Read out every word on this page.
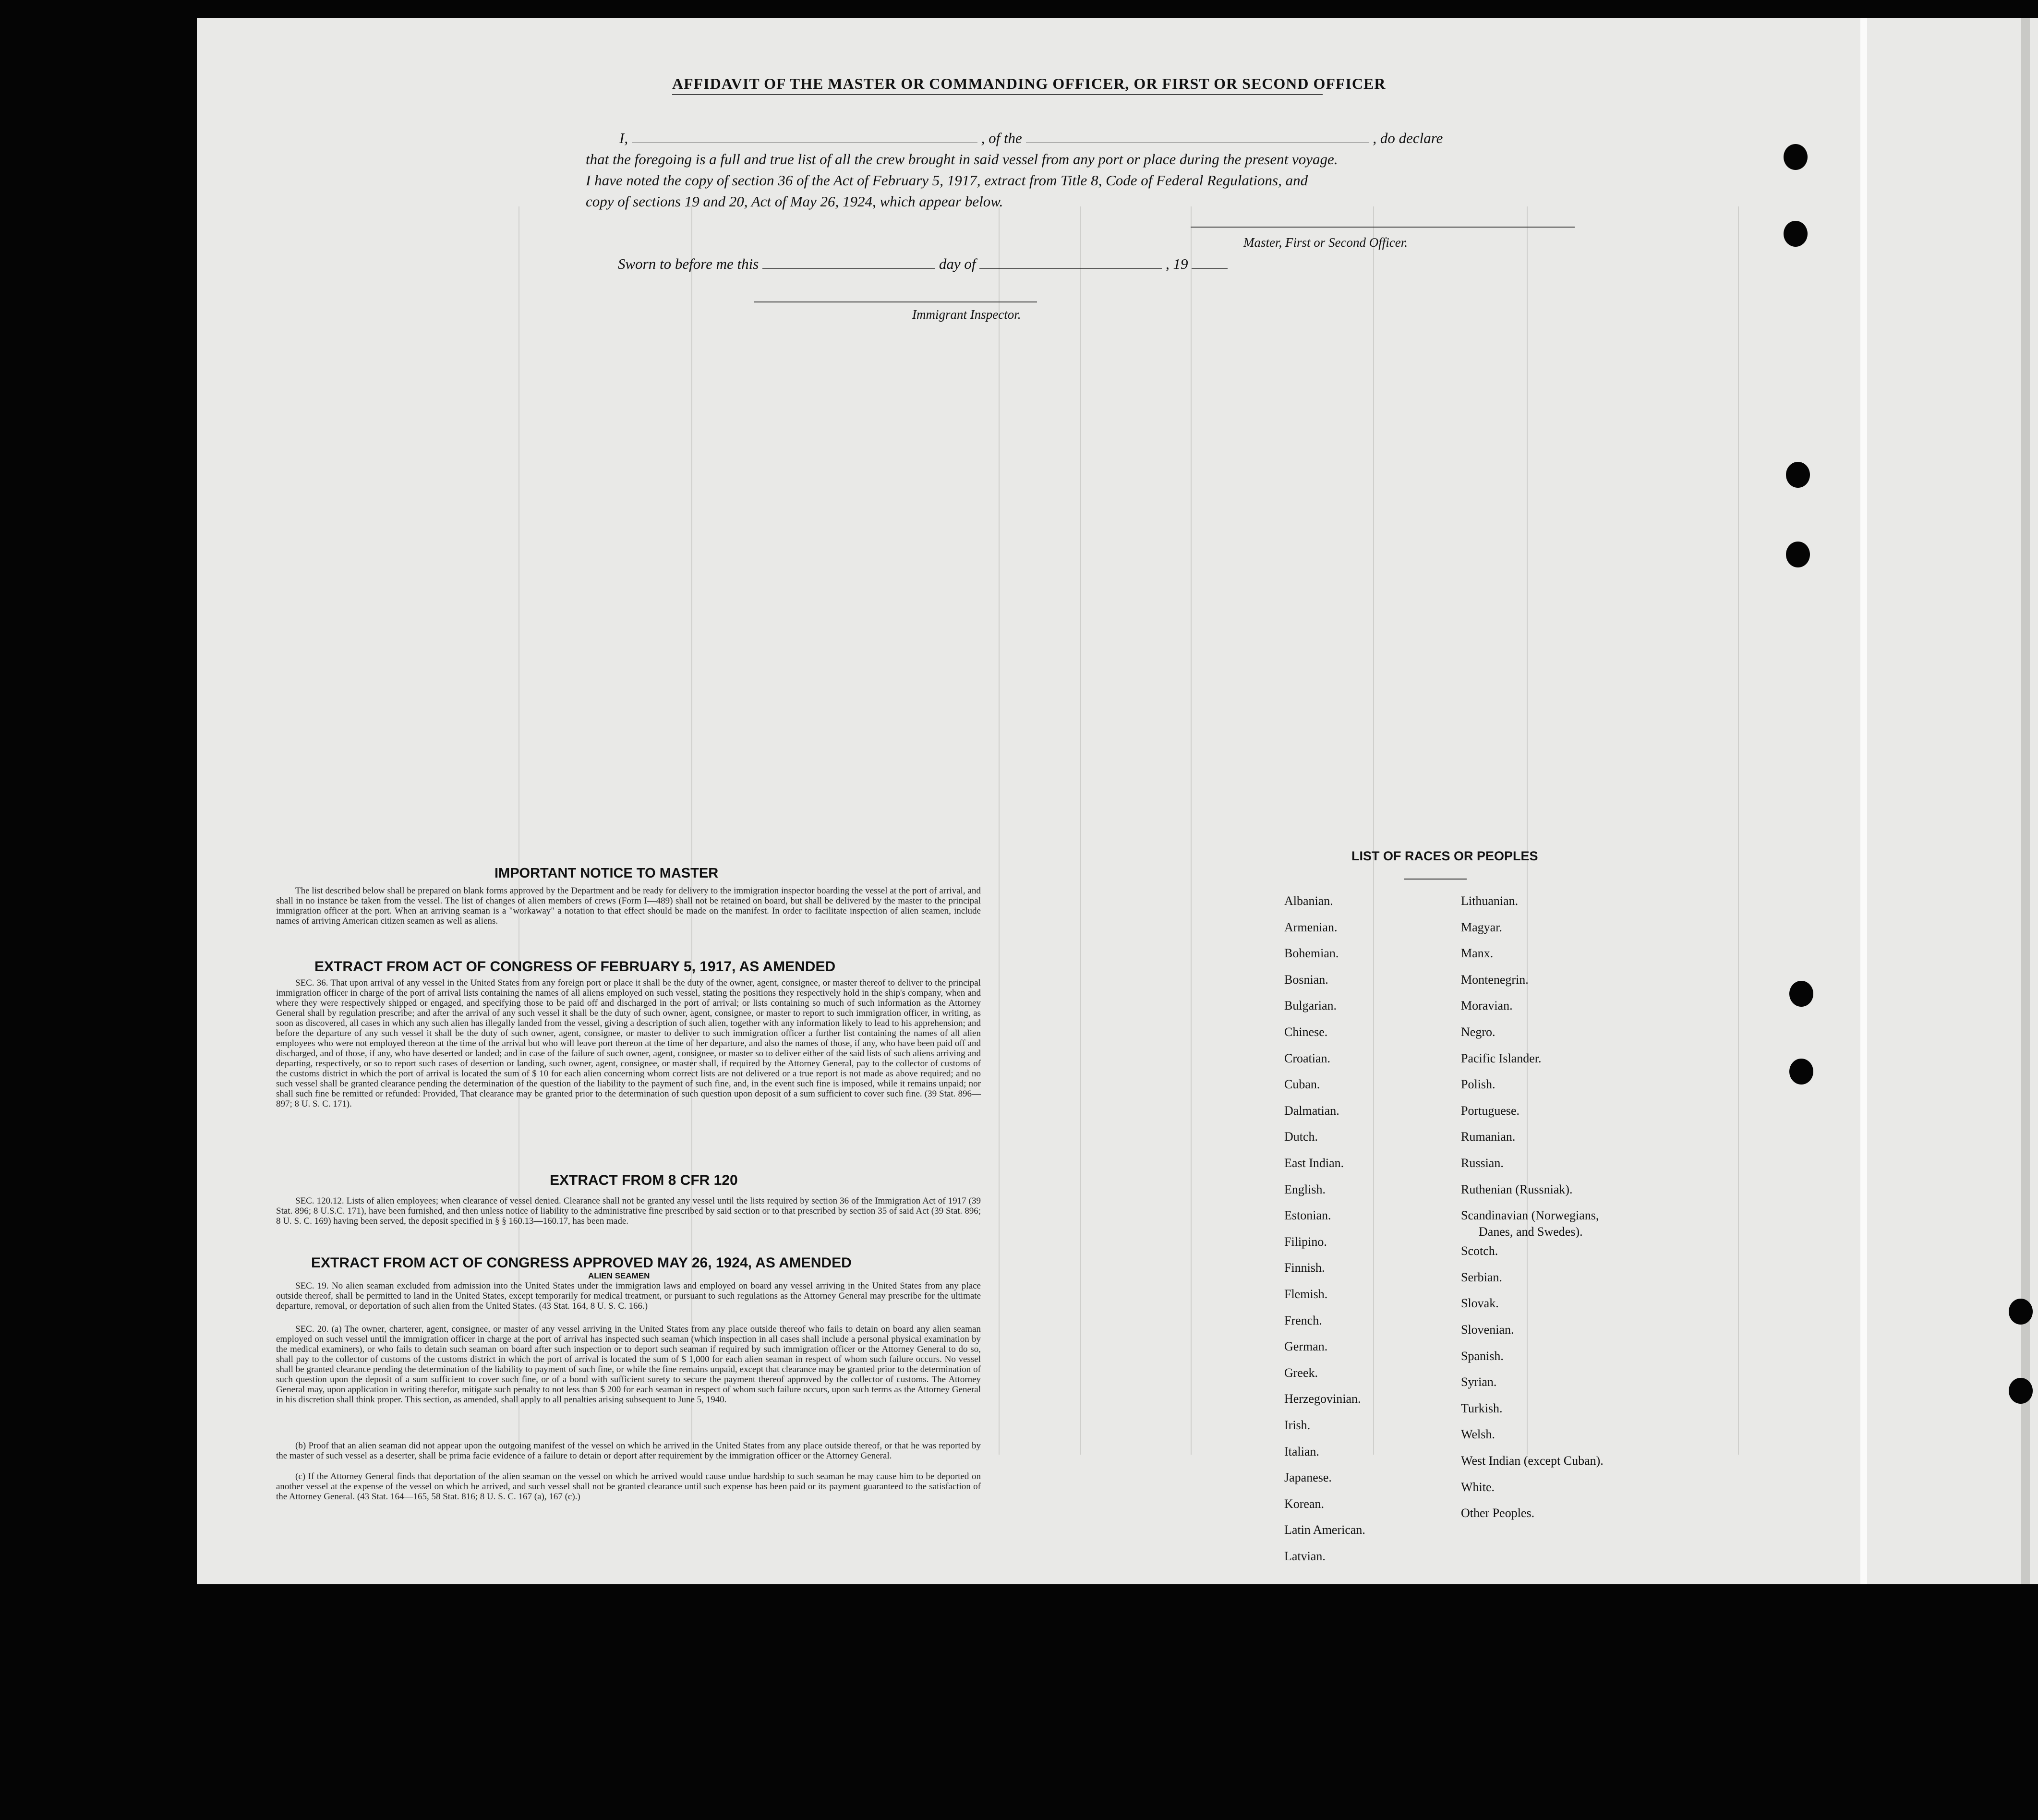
AFFIDAVIT OF THE MASTER OR COMMANDING OFFICER, OR FIRST OR SECOND OFFICER
I,	, of the	, do declare
that the foregoing is a full and true list of all the crew brought in said vessel from any port or place during the present voyage.
I have noted the copy of section 36 of the Act of February 5, 1917, extract from Title 8, Code of Federal Regulations, and
copy of sections 19 and 20, Act of May 26, 1924, which appear below.
Master, First or Second Officer.
Sworn to before me this	day of	, 19
Immigrant Inspector.
IMPORTANT NOTICE TO MASTER
The list described below shall be prepared on blank forms approved by the Department and be ready for delivery to the immigration inspector boarding the vessel at the port of arrival, and shall in no instance be taken from the vessel. The list of changes of alien members of crews (Form I—489) shall not be retained on board, but shall be delivered by the master to the principal immigration officer at the port. When an arriving seaman is a "workaway" a notation to that effect should be made on the manifest. In order to facilitate inspection of alien seamen, include names of arriving American citizen seamen as well as aliens.
EXTRACT FROM ACT OF CONGRESS OF FEBRUARY 5, 1917, AS AMENDED
SEC. 36. That upon arrival of any vessel in the United States from any foreign port or place it shall be the duty of the owner, agent, consignee, or master thereof to deliver to the principal immigration officer in charge of the port of arrival lists containing the names of all aliens employed on such vessel, stating the positions they respectively hold in the ship's company, when and where they were respectively shipped or engaged, and specifying those to be paid off and discharged in the port of arrival; or lists containing so much of such information as the Attorney General shall by regulation prescribe; and after the arrival of any such vessel it shall be the duty of such owner, agent, consignee, or master to report to such immigration officer, in writing, as soon as discovered, all cases in which any such alien has illegally landed from the vessel, giving a description of such alien, together with any information likely to lead to his apprehension; and before the departure of any such vessel it shall be the duty of such owner, agent, consignee, or master to deliver to such immigration officer a further list containing the names of all alien employees who were not employed thereon at the time of the arrival but who will leave port thereon at the time of her departure, and also the names of those, if any, who have been paid off and discharged, and of those, if any, who have deserted or landed; and in case of the failure of such owner, agent, consignee, or master so to deliver either of the said lists of such aliens arriving and departing, respectively, or so to report such cases of desertion or landing, such owner, agent, consignee, or master shall, if required by the Attorney General, pay to the collector of customs of the customs district in which the port of arrival is located the sum of $ 10 for each alien concerning whom correct lists are not delivered or a true report is not made as above required; and no such vessel shall be granted clearance pending the determination of the question of the liability to the payment of such fine, and, in the event such fine is imposed, while it remains unpaid; nor shall such fine be remitted or refunded: Provided, That clearance may be granted prior to the determination of such question upon deposit of a sum sufficient to cover such fine. (39 Stat. 896—897; 8 U. S. C. 171).
EXTRACT FROM 8 CFR 120
SEC. 120.12. Lists of alien employees; when clearance of vessel denied. Clearance shall not be granted any vessel until the lists required by section 36 of the Immigration Act of 1917 (39 Stat. 896; 8 U.S.C. 171), have been furnished, and then unless notice of liability to the administrative fine prescribed by said section or to that prescribed by section 35 of said Act (39 Stat. 896; 8 U. S. C. 169) having been served, the deposit specified in § § 160.13—160.17, has been made.
EXTRACT FROM ACT OF CONGRESS APPROVED MAY 26, 1924, AS AMENDED
ALIEN SEAMEN
SEC. 19. No alien seaman excluded from admission into the United States under the immigration laws and employed on board any vessel arriving in the United States from any place outside thereof, shall be permitted to land in the United States, except temporarily for medical treatment, or pursuant to such regulations as the Attorney General may prescribe for the ultimate departure, removal, or deportation of such alien from the United States. (43 Stat. 164, 8 U. S. C. 166.)
SEC. 20. (a) The owner, charterer, agent, consignee, or master of any vessel arriving in the United States from any place outside thereof who fails to detain on board any alien seaman employed on such vessel until the immigration officer in charge at the port of arrival has inspected such seaman (which inspection in all cases shall include a personal physical examination by the medical examiners), or who fails to detain such seaman on board after such inspection or to deport such seaman if required by such immigration officer or the Attorney General to do so, shall pay to the collector of customs of the customs district in which the port of arrival is located the sum of $ 1,000 for each alien seaman in respect of whom such failure occurs. No vessel shall be granted clearance pending the determination of the liability to payment of such fine, or while the fine remains unpaid, except that clearance may be granted prior to the determination of such question upon the deposit of a sum sufficient to cover such fine, or of a bond with sufficient surety to secure the payment thereof approved by the collector of customs. The Attorney General may, upon application in writing therefor, mitigate such penalty to not less than $ 200 for each seaman in respect of whom such failure occurs, upon such terms as the Attorney General in his discretion shall think proper. This section, as amended, shall apply to all penalties arising subsequent to June 5, 1940.
(b) Proof that an alien seaman did not appear upon the outgoing manifest of the vessel on which he arrived in the United States from any place outside thereof, or that he was reported by the master of such vessel as a deserter, shall be prima facie evidence of a failure to detain or deport after requirement by the immigration officer or the Attorney General.
(c) If the Attorney General finds that deportation of the alien seaman on the vessel on which he arrived would cause undue hardship to such seaman he may cause him to be deported on another vessel at the expense of the vessel on which he arrived, and such vessel shall not be granted clearance until such expense has been paid or its payment guaranteed to the satisfaction of the Attorney General. (43 Stat. 164—165, 58 Stat. 816; 8 U. S. C. 167 (a), 167 (c).)
LIST OF RACES OR PEOPLES
Albanian.
Armenian.
Bohemian.
Bosnian.
Bulgarian.
Chinese.
Croatian.
Cuban.
Dalmatian.
Dutch.
East Indian.
English.
Estonian.
Filipino.
Finnish.
Flemish.
French.
German.
Greek.
Herzegovinian.
Irish.
Italian.
Japanese.
Korean.
Latin American.
Latvian.
Lithuanian.
Magyar.
Manx.
Montenegrin.
Moravian.
Negro.
Pacific Islander.
Polish.
Portuguese.
Rumanian.
Russian.
Ruthenian (Russniak).
Scandinavian (Norwegians,
Danes, and Swedes).
Scotch.
Serbian.
Slovak.
Slovenian.
Spanish.
Syrian.
Turkish.
Welsh.
West Indian (except Cuban).
White.
Other Peoples.
